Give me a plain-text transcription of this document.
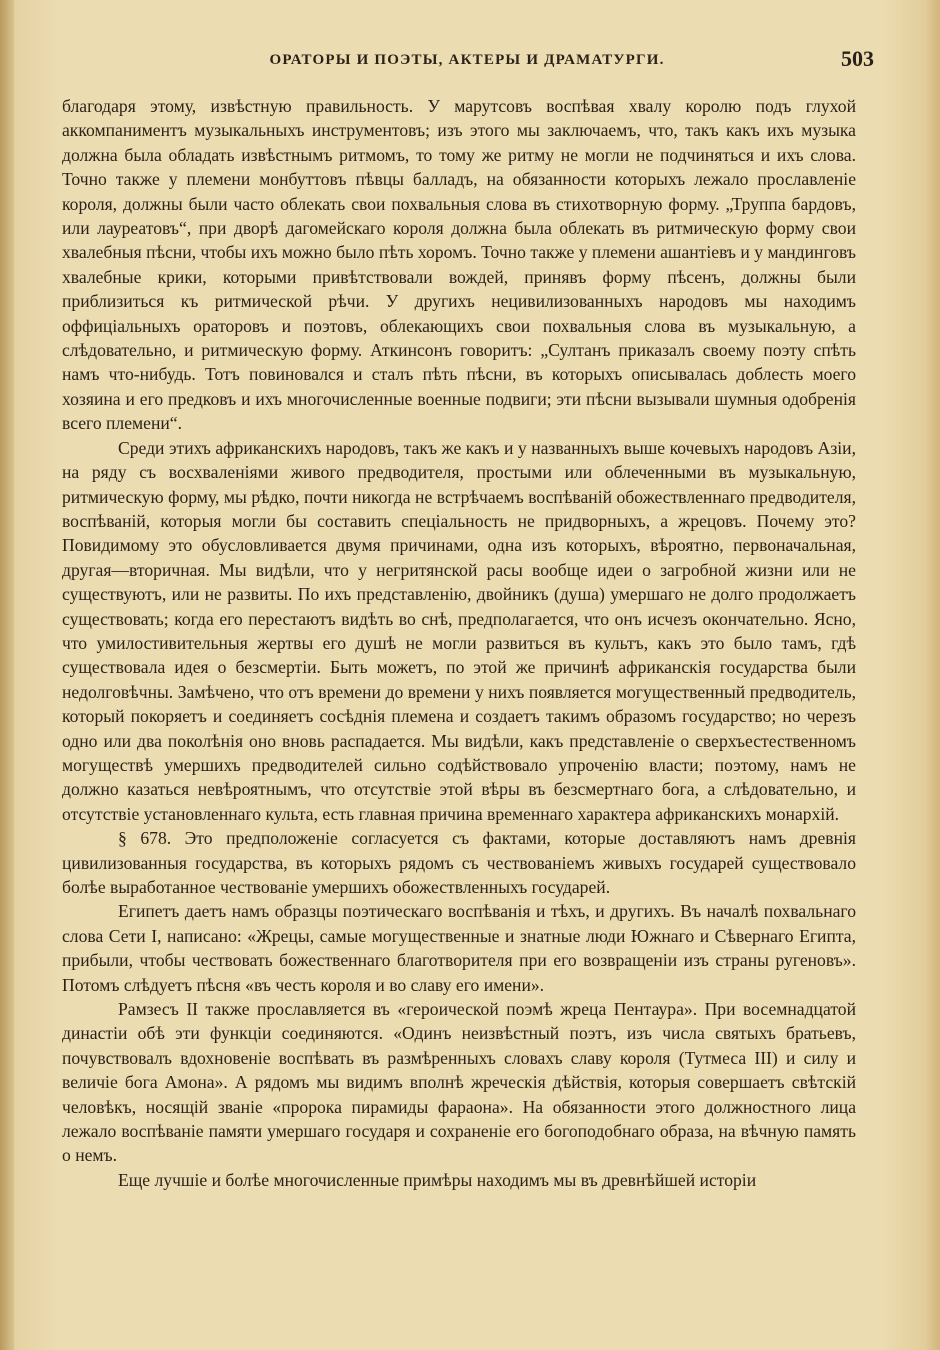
ОРАТОРЫ И ПОЭТЫ, АКТЕРЫ И ДРАМАТУРГИ.	503

благодаря этому, извѣстную правильность. У марутсовъ воспѣвая хвалу королю подъ глухой аккомпаниментъ музыкальныхъ инструментовъ; изъ этого мы заключаемъ, что, такъ какъ ихъ музыка должна была обладать извѣстнымъ ритмомъ, то тому же ритму не могли не подчиняться и ихъ слова. Точно также у племени монбуттовъ пѣвцы балладъ, на обязанности которыхъ лежало прославленіе короля, должны были часто облекать свои похвальныя слова въ стихотворную форму. „Труппа бардовъ, или лауреатовъ“, при дворѣ дагомейскаго короля должна была облекать въ ритмическую форму свои хвалебныя пѣсни, чтобы ихъ можно было пѣть хоромъ. Точно также у племени ашантіевъ и у мандинговъ хвалебные крики, которыми привѣтствовали вождей, принявъ форму пѣсенъ, должны были приблизиться къ ритмической рѣчи. У другихъ нецивилизованныхъ народовъ мы находимъ оффиціальныхъ ораторовъ и поэтовъ, облекающихъ свои похвальныя слова въ музыкальную, а слѣдовательно, и ритмическую форму. Аткинсонъ говоритъ: „Султанъ приказалъ своему поэту спѣть намъ что-нибудь. Тотъ повиновался и сталъ пѣть пѣсни, въ которыхъ описывалась доблесть моего хозяина и его предковъ и ихъ многочисленные военные подвиги; эти пѣсни вызывали шумныя одобренія всего племени“.

Среди этихъ африканскихъ народовъ, такъ же какъ и у названныхъ выше кочевыхъ народовъ Азіи, на ряду съ восхваленіями живого предводителя, простыми или облеченными въ музыкальную, ритмическую форму, мы рѣдко, почти никогда не встрѣчаемъ воспѣваній обожествленнаго предводителя, воспѣваній, которыя могли бы составить спеціальность не придворныхъ, а жрецовъ. Почему это? Повидимому это обусловливается двумя причинами, одна изъ которыхъ, вѣроятно, первоначальная, другая—вторичная. Мы видѣли, что у негритянской расы вообще идеи о загробной жизни или не существуютъ, или не развиты. По ихъ представленію, двойникъ (душа) умершаго не долго продолжаетъ существовать; когда его перестаютъ видѣть во снѣ, предполагается, что онъ исчезъ окончательно. Ясно, что умилостивительныя жертвы его душѣ не могли развиться въ культъ, какъ это было тамъ, гдѣ существовала идея о безсмертіи. Быть можетъ, по этой же причинѣ африканскія государства были недолговѣчны. Замѣчено, что отъ времени до времени у нихъ появляется могущественный предводитель, который покоряетъ и соединяетъ сосѣднія племена и создаетъ такимъ образомъ государство; но черезъ одно или два поколѣнія оно вновь распадается. Мы видѣли, какъ представленіе о сверхъестественномъ могуществѣ умершихъ предводителей сильно содѣйствовало упроченію власти; поэтому, намъ не должно казаться невѣроятнымъ, что отсутствіе этой вѣры въ безсмертнаго бога, а слѣдовательно, и отсутствіе установленнаго культа, есть главная причина временнаго характера африканскихъ монархій.

§ 678. Это предположеніе согласуется съ фактами, которые доставляютъ намъ древнія цивилизованныя государства, въ которыхъ рядомъ съ чествованіемъ живыхъ государей существовало болѣе выработанное чествованіе умершихъ обожествленныхъ государей.

Египетъ даетъ намъ образцы поэтическаго воспѣванія и тѣхъ, и другихъ. Въ началѣ похвальнаго слова Сети I, написано: «Жрецы, самые могущественные и знатные люди Южнаго и Сѣвернаго Египта, прибыли, чтобы чествовать божественнаго благотворителя при его возвращеніи изъ страны ругеновъ». Потомъ слѣдуетъ пѣсня «въ честь короля и во славу его имени».

Рамзесъ II также прославляется въ «героической поэмѣ жреца Пентаура». При восемнадцатой династіи обѣ эти функціи соединяются. «Одинъ неизвѣстный поэтъ, изъ числа святыхъ братьевъ, почувствовалъ вдохновеніе воспѣвать въ размѣренныхъ словахъ славу короля (Тутмеса III) и силу и величіе бога Амона». А рядомъ мы видимъ вполнѣ жреческія дѣйствія, которыя совершаетъ свѣтскій человѣкъ, носящій званіе «пророка пирамиды фараона». На обязанности этого должностного лица лежало воспѣваніе памяти умершаго государя и сохраненіе его богоподобнаго образа, на вѣчную память о немъ.

Еще лучшіе и болѣе многочисленные примѣры находимъ мы въ древнѣйшей исторіи
